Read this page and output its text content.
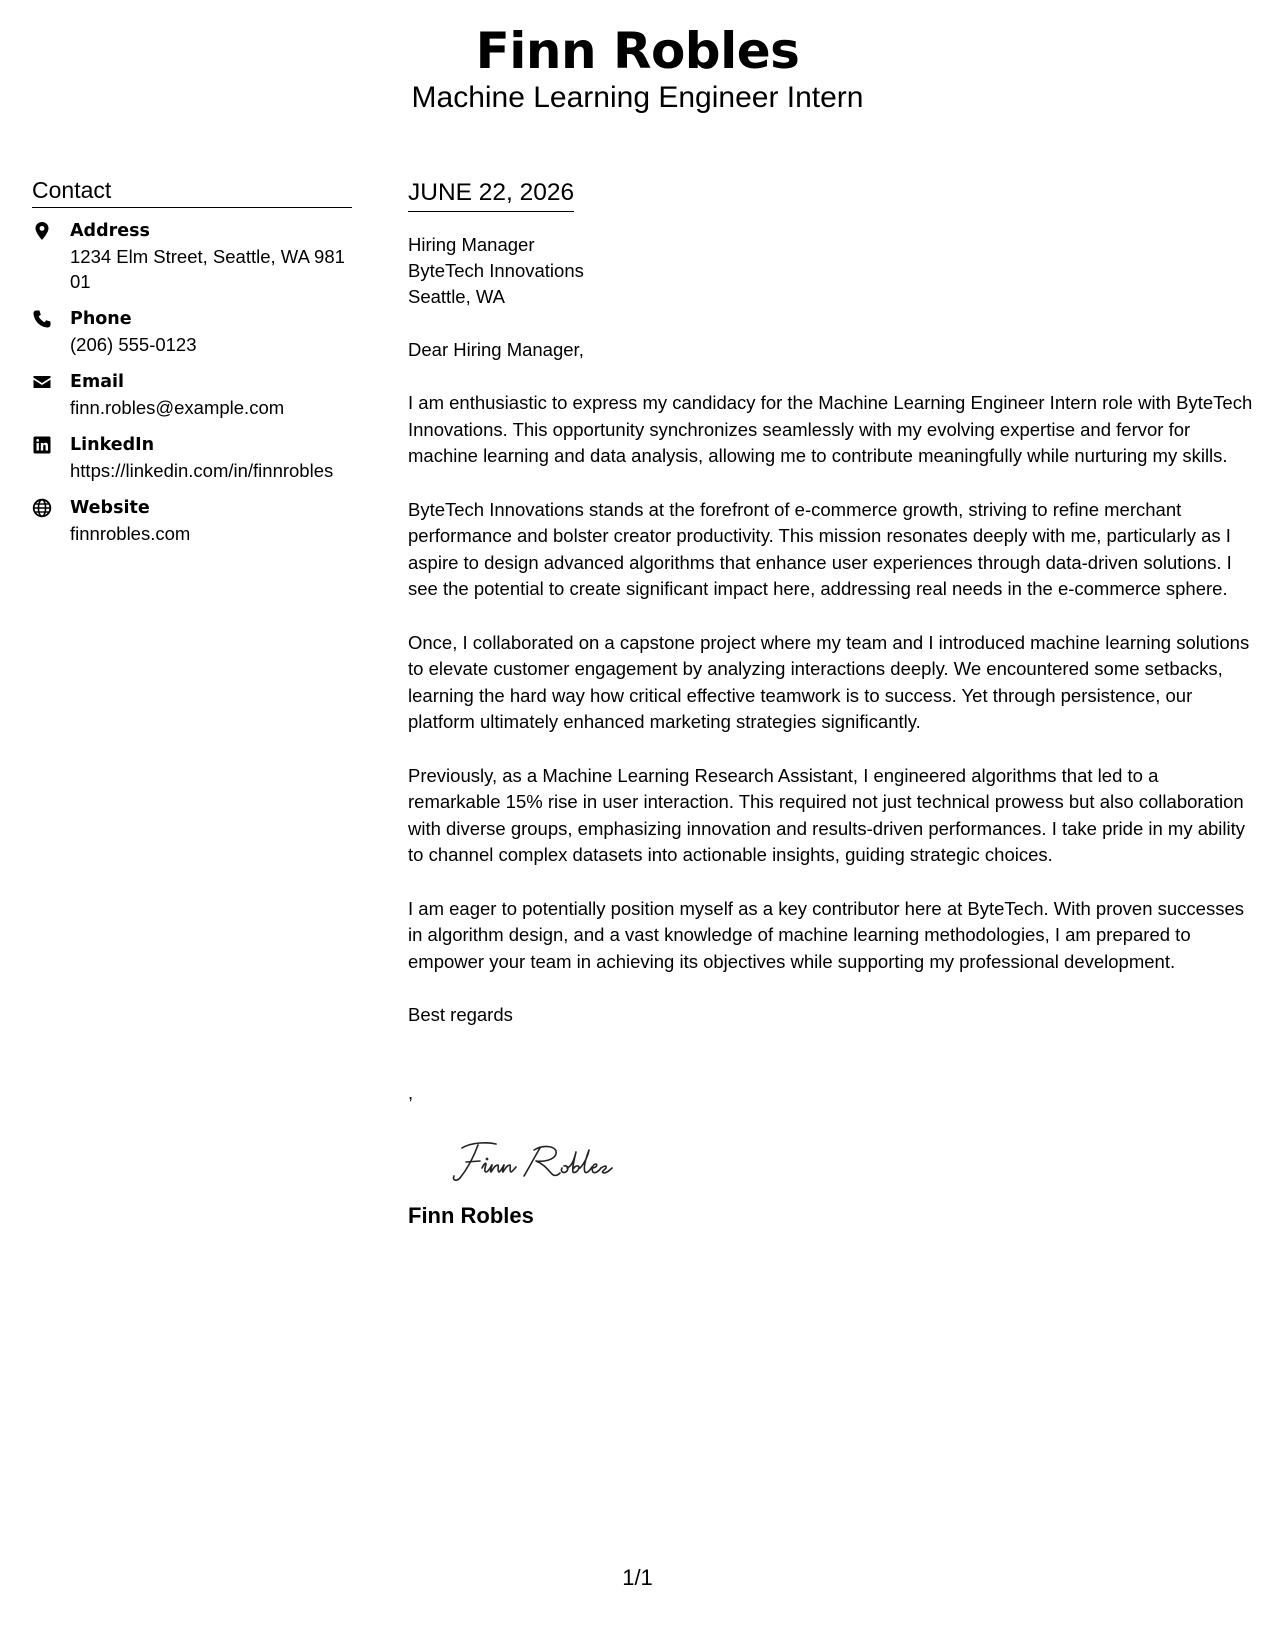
Finn Robles
Machine Learning Engineer Intern
Contact
Address
1234 Elm Street, Seattle, WA 98101
Phone
(206) 555-0123
Email
finn.robles@example.com
LinkedIn
https://linkedin.com/in/finnrobles
Website
finnrobles.com
JUNE 22, 2026
Hiring Manager
ByteTech Innovations
Seattle, WA
Dear Hiring Manager,
I am enthusiastic to express my candidacy for the Machine Learning Engineer Intern role with ByteTech Innovations. This opportunity synchronizes seamlessly with my evolving expertise and fervor for machine learning and data analysis, allowing me to contribute meaningfully while nurturing my skills.
ByteTech Innovations stands at the forefront of e-commerce growth, striving to refine merchant performance and bolster creator productivity. This mission resonates deeply with me, particularly as I aspire to design advanced algorithms that enhance user experiences through data-driven solutions. I see the potential to create significant impact here, addressing real needs in the e-commerce sphere.
Once, I collaborated on a capstone project where my team and I introduced machine learning solutions to elevate customer engagement by analyzing interactions deeply. We encountered some setbacks, learning the hard way how critical effective teamwork is to success. Yet through persistence, our platform ultimately enhanced marketing strategies significantly.
Previously, as a Machine Learning Research Assistant, I engineered algorithms that led to a remarkable 15% rise in user interaction. This required not just technical prowess but also collaboration with diverse groups, emphasizing innovation and results-driven performances. I take pride in my ability to channel complex datasets into actionable insights, guiding strategic choices.
I am eager to potentially position myself as a key contributor here at ByteTech. With proven successes in algorithm design, and a vast knowledge of machine learning methodologies, I am prepared to empower your team in achieving its objectives while supporting my professional development.
Best regards
,
Finn Robles
1/1
